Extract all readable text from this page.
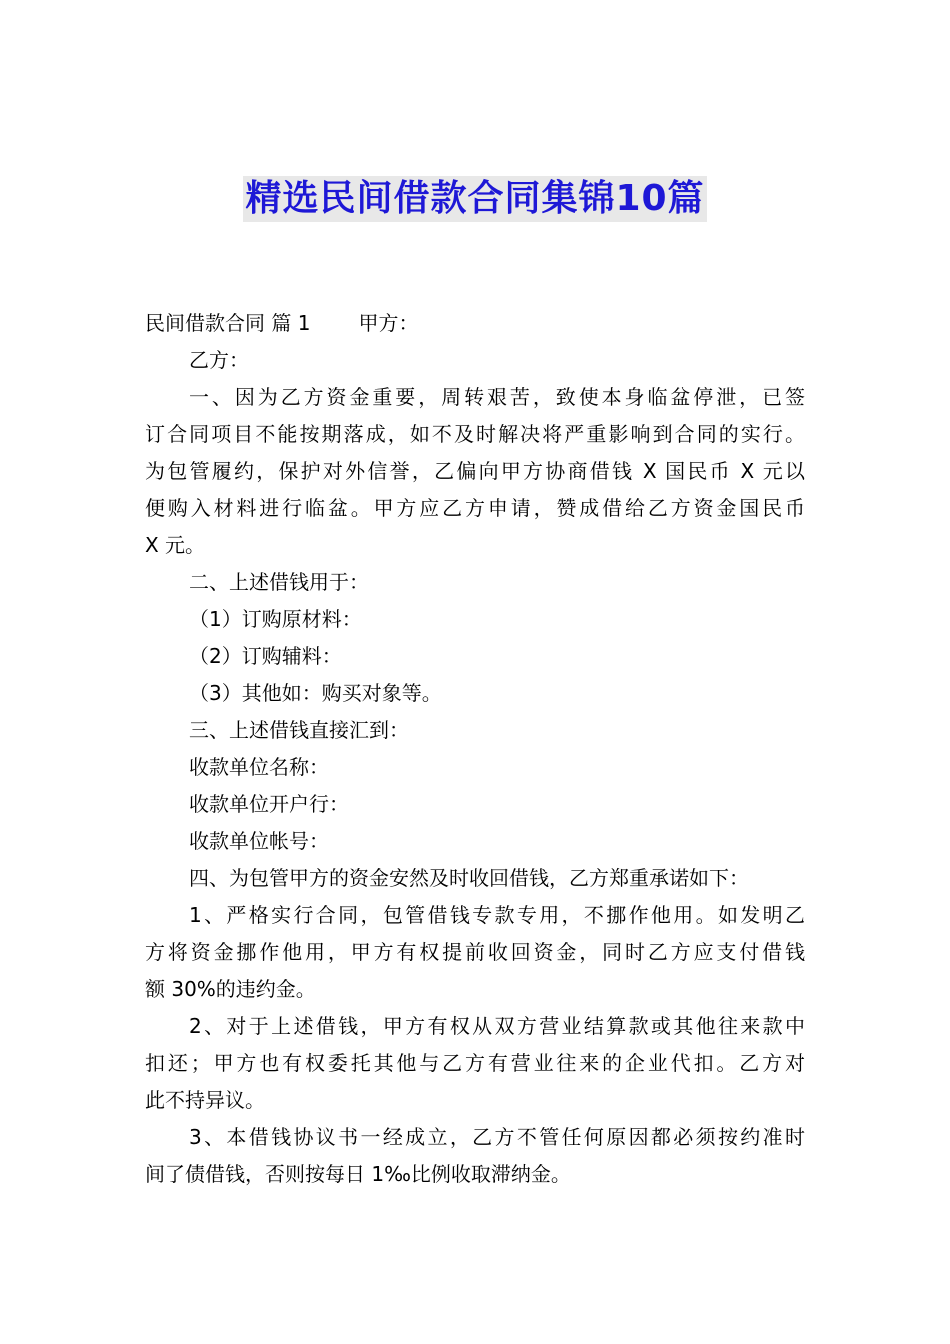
精选民间借款合同集锦10篇
民间借款合同 篇 1 甲方：
乙方：
一、因为乙方资金重要，周转艰苦，致使本身临盆停泄，已签
订合同项目不能按期落成，如不及时解决将严重影响到合同的实行。
为包管履约，保护对外信誉，乙偏向甲方协商借钱 X 国民币 X 元以
便购入材料进行临盆。甲方应乙方申请，赞成借给乙方资金国民币
X 元。
二、上述借钱用于：
（1）订购原材料：
（2）订购辅料：
（3）其他如：购买对象等。
三、上述借钱直接汇到：
收款单位名称：
收款单位开户行：
收款单位帐号：
四、为包管甲方的资金安然及时收回借钱，乙方郑重承诺如下：
1、严格实行合同，包管借钱专款专用，不挪作他用。如发明乙
方将资金挪作他用，甲方有权提前收回资金，同时乙方应支付借钱
额 30%的违约金。
2、对于上述借钱，甲方有权从双方营业结算款或其他往来款中
扣还；甲方也有权委托其他与乙方有营业往来的企业代扣。乙方对
此不持异议。
3、本借钱协议书一经成立，乙方不管任何原因都必须按约准时
间了债借钱，否则按每日 1‰比例收取滞纳金。
